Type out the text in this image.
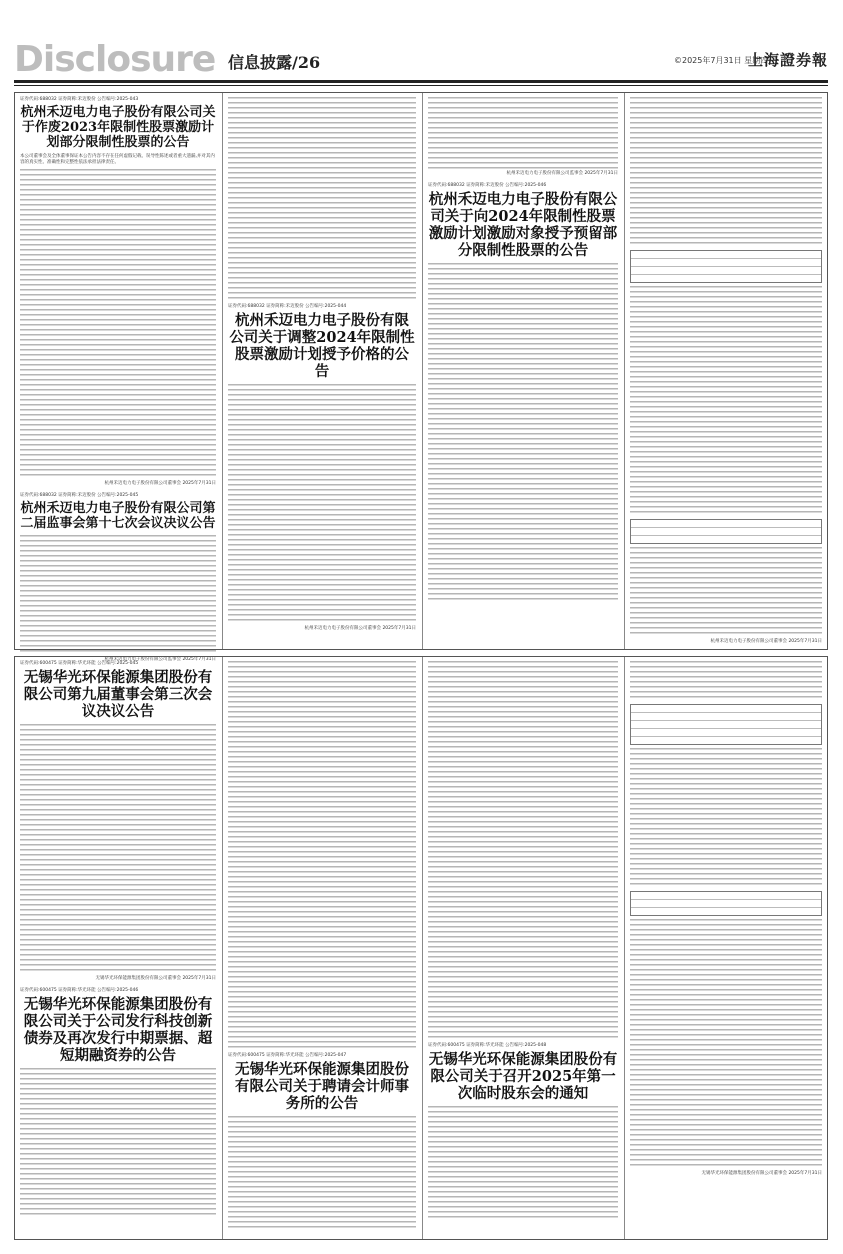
Disclosure 信息披露/26	©2025年7月31日 星期四
上海證券報
证券代码:688032 证券简称:禾迈股份 公告编号:2025-043
杭州禾迈电力电子股份有限公司关于作废2023年限制性股票激励计划部分限制性股票的公告
本公司董事会及全体董事保证本公告内容不存在任何虚假记载、误导性陈述或者重大遗漏,并对其内容的真实性、准确性和完整性依法承担法律责任。
杭州禾迈电力电子股份有限公司董事会 2025年7月31日
证券代码:688032 证券简称:禾迈股份 公告编号:2025-045
杭州禾迈电力电子股份有限公司第二届监事会第十七次会议决议公告
杭州禾迈电力电子股份有限公司监事会 2025年7月31日
证券代码:688032 证券简称:禾迈股份 公告编号:2025-044
杭州禾迈电力电子股份有限公司关于调整2024年限制性股票激励计划授予价格的公告
杭州禾迈电力电子股份有限公司董事会 2025年7月31日
杭州禾迈电力电子股份有限公司监事会 2025年7月31日
证券代码:688032 证券简称:禾迈股份 公告编号:2025-046
杭州禾迈电力电子股份有限公司关于向2024年限制性股票激励计划激励对象授予预留部分限制性股票的公告
杭州禾迈电力电子股份有限公司董事会 2025年7月31日
证券代码:600475 证券简称:华光环能 公告编号:2025-045
无锡华光环保能源集团股份有限公司第九届董事会第三次会议决议公告
无锡华光环保能源集团股份有限公司董事会 2025年7月31日
证券代码:600475 证券简称:华光环能 公告编号:2025-046
无锡华光环保能源集团股份有限公司关于公司发行科技创新债券及再次发行中期票据、超短期融资券的公告	证券代码:600475 证券简称:华光环能 公告编号:2025-047
无锡华光环保能源集团股份有限公司关于聘请会计师事务所的公告
证券代码:600475 证券简称:华光环能 公告编号:2025-048
无锡华光环保能源集团股份有限公司关于召开2025年第一次临时股东会的通知
无锡华光环保能源集团股份有限公司董事会 2025年7月31日
